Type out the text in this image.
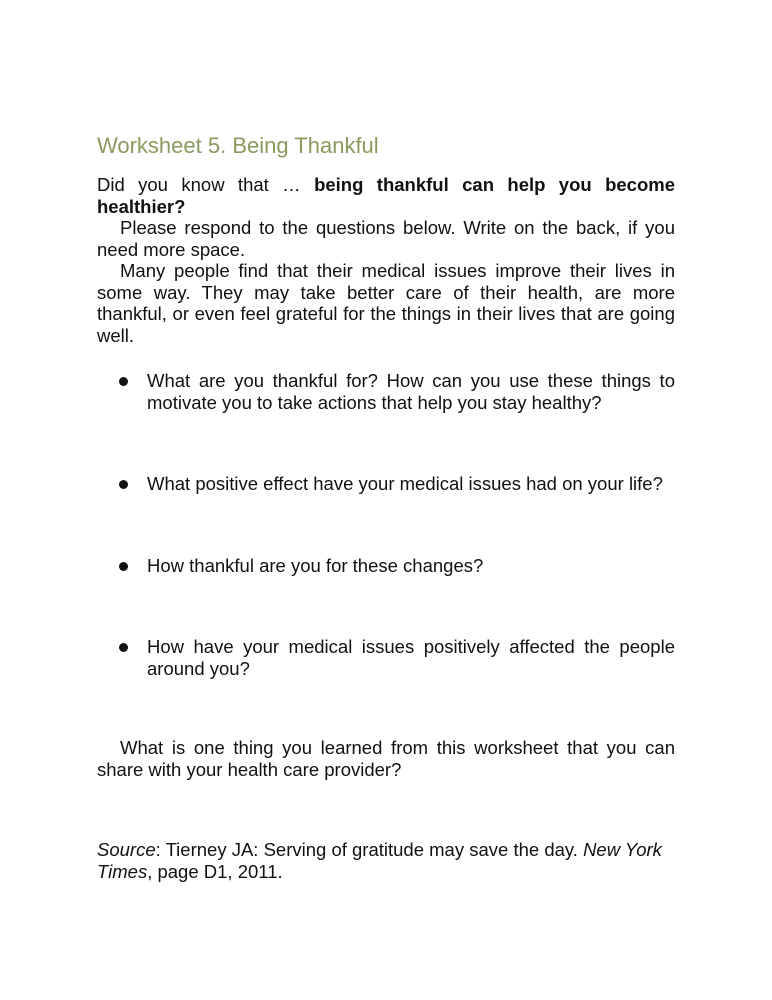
Worksheet 5. Being Thankful

Did you know that … being thankful can help you become healthier?

Please respond to the questions below. Write on the back, if you need more space.

Many people find that their medical issues improve their lives in some way. They may take better care of their health, are more thankful, or even feel grateful for the things in their lives that are going well.

What are you thankful for? How can you use these things to motivate you to take actions that help you stay healthy?
What positive effect have your medical issues had on your life?
How thankful are you for these changes?
How have your medical issues positively affected the people around you?

What is one thing you learned from this worksheet that you can share with your health care provider?

Source: Tierney JA: Serving of gratitude may save the day. New York Times, page D1, 2011.
